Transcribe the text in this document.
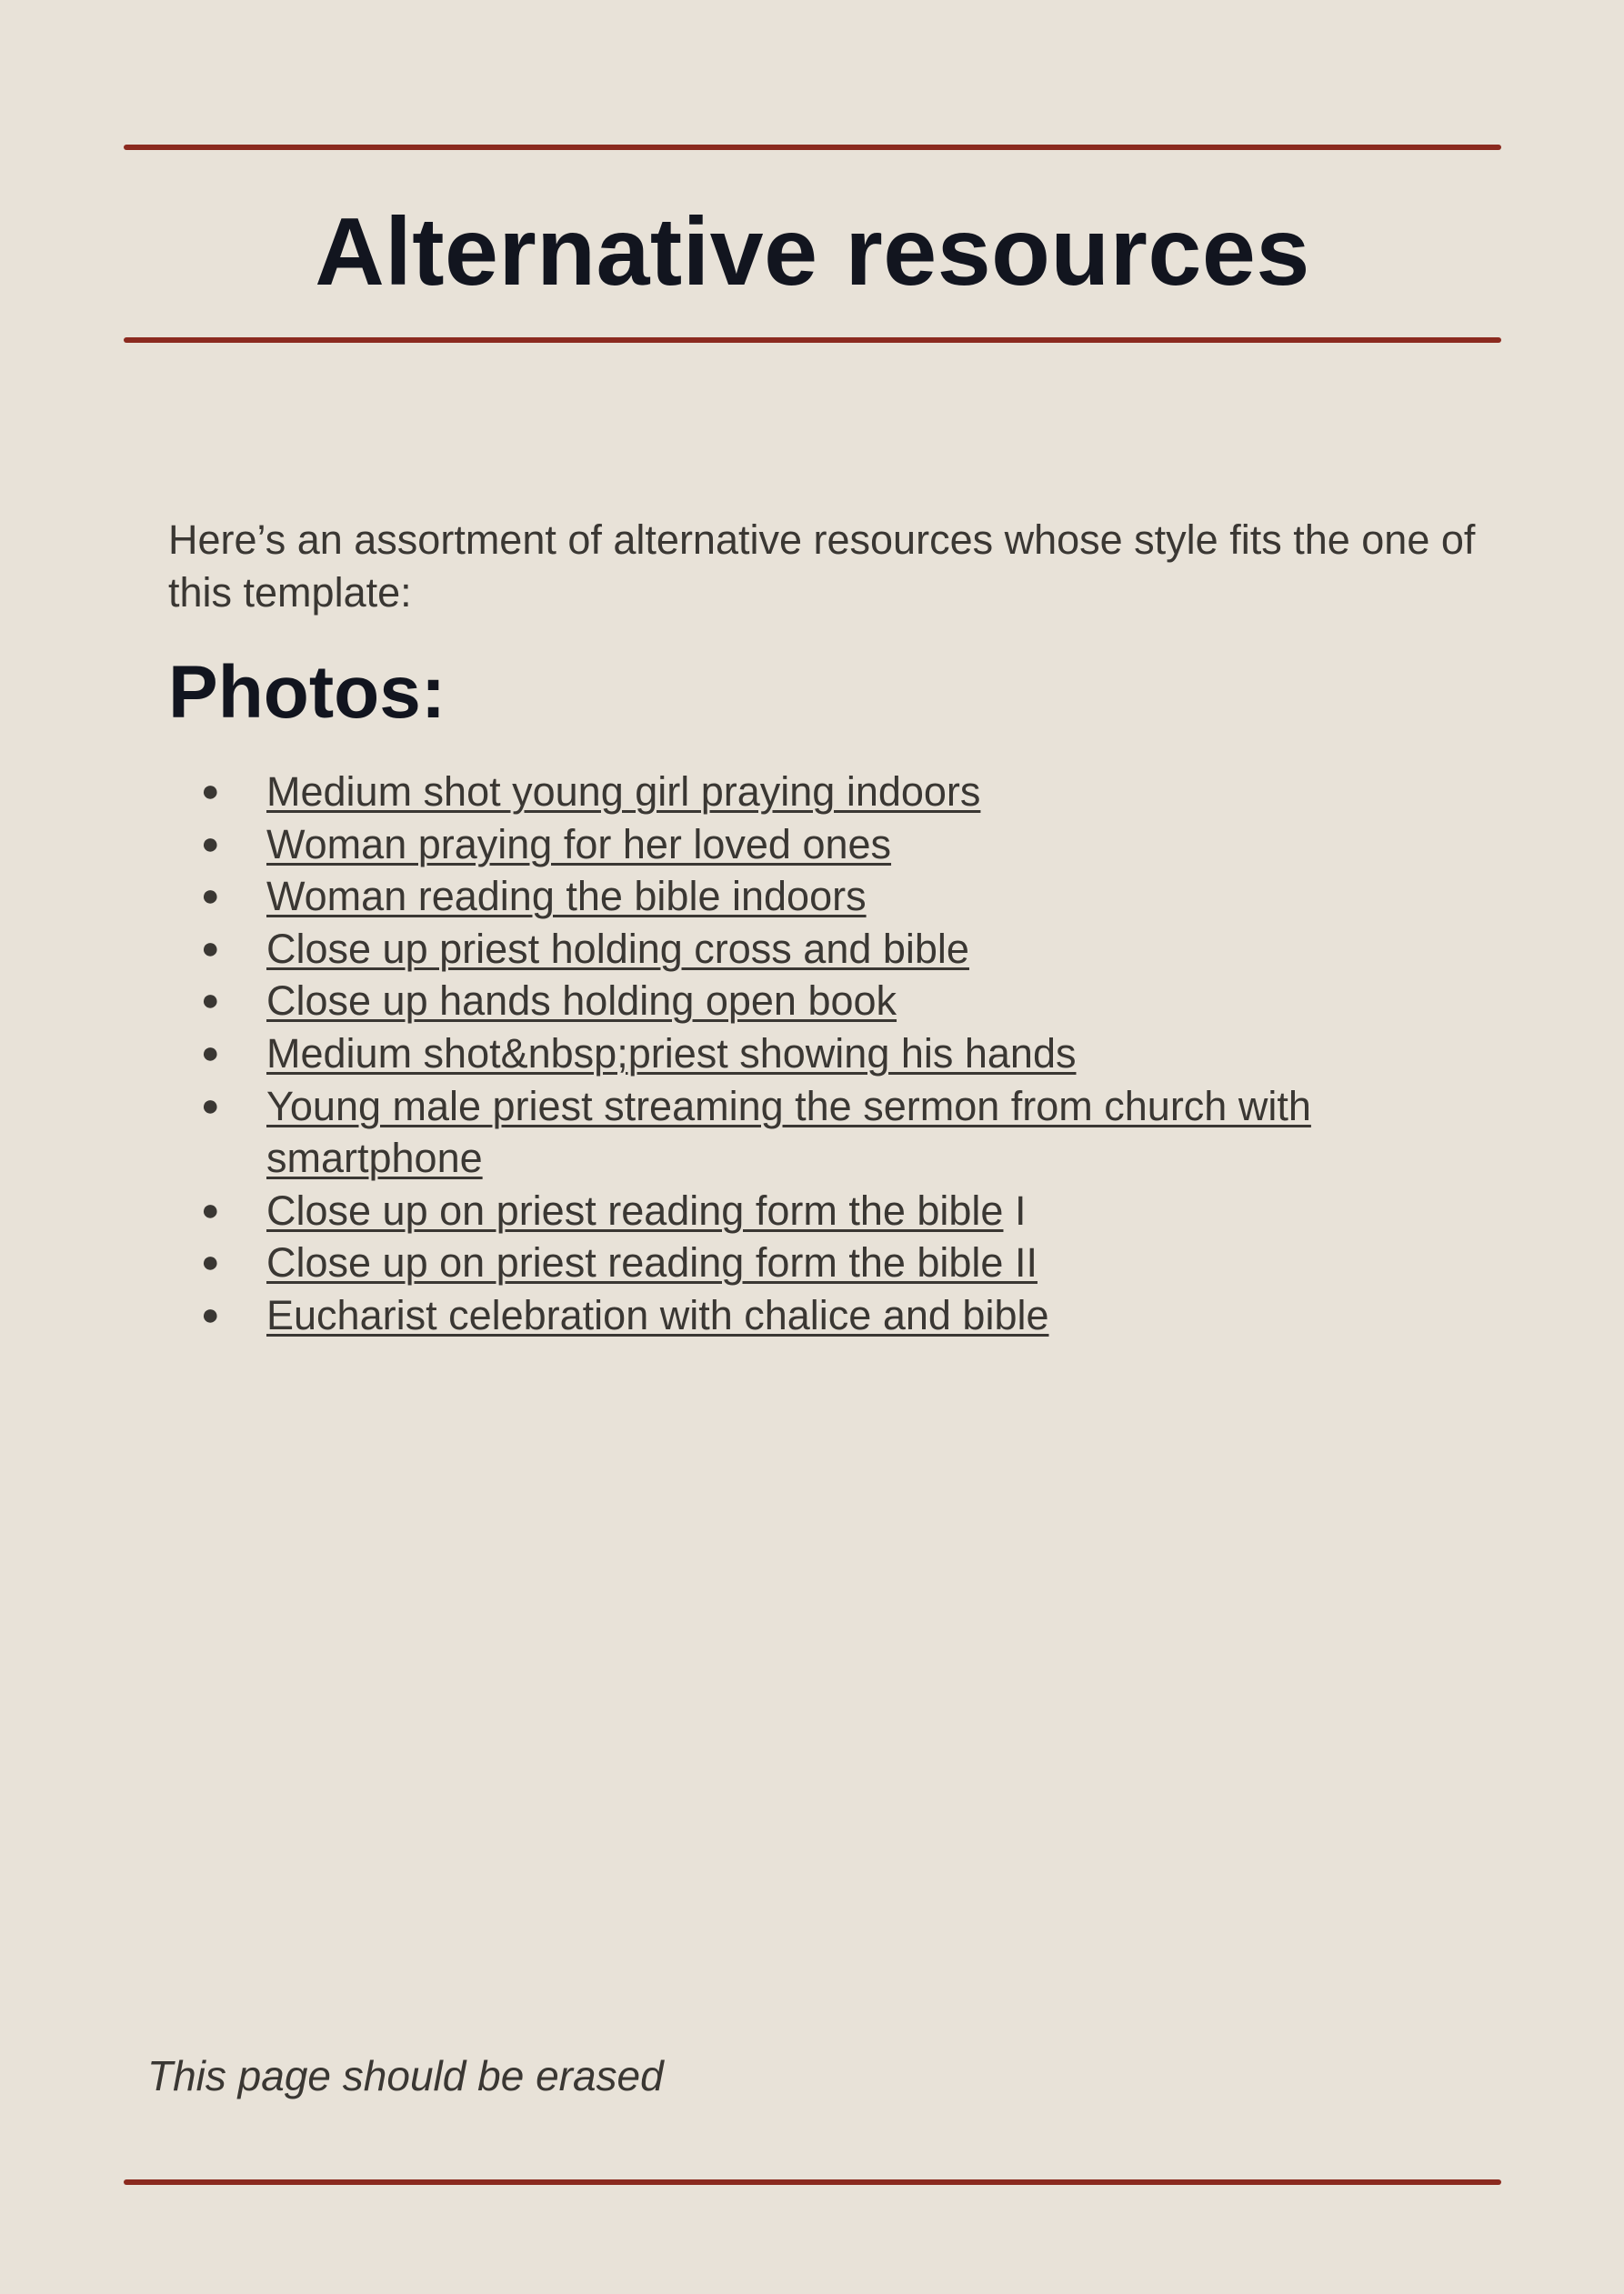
Alternative resources

Here’s an assortment of alternative resources whose style fits the one of this template:

Photos:
● Medium shot young girl praying indoors
● Woman praying for her loved ones
● Woman reading the bible indoors
● Close up priest holding cross and bible
● Close up hands holding open book
● Medium shot&nbsp;priest showing his hands
● Young male priest streaming the sermon from church with smartphone
● Close up on priest reading form the bible I
● Close up on priest reading form the bible II
● Eucharist celebration with chalice and bible

This page should be erased
